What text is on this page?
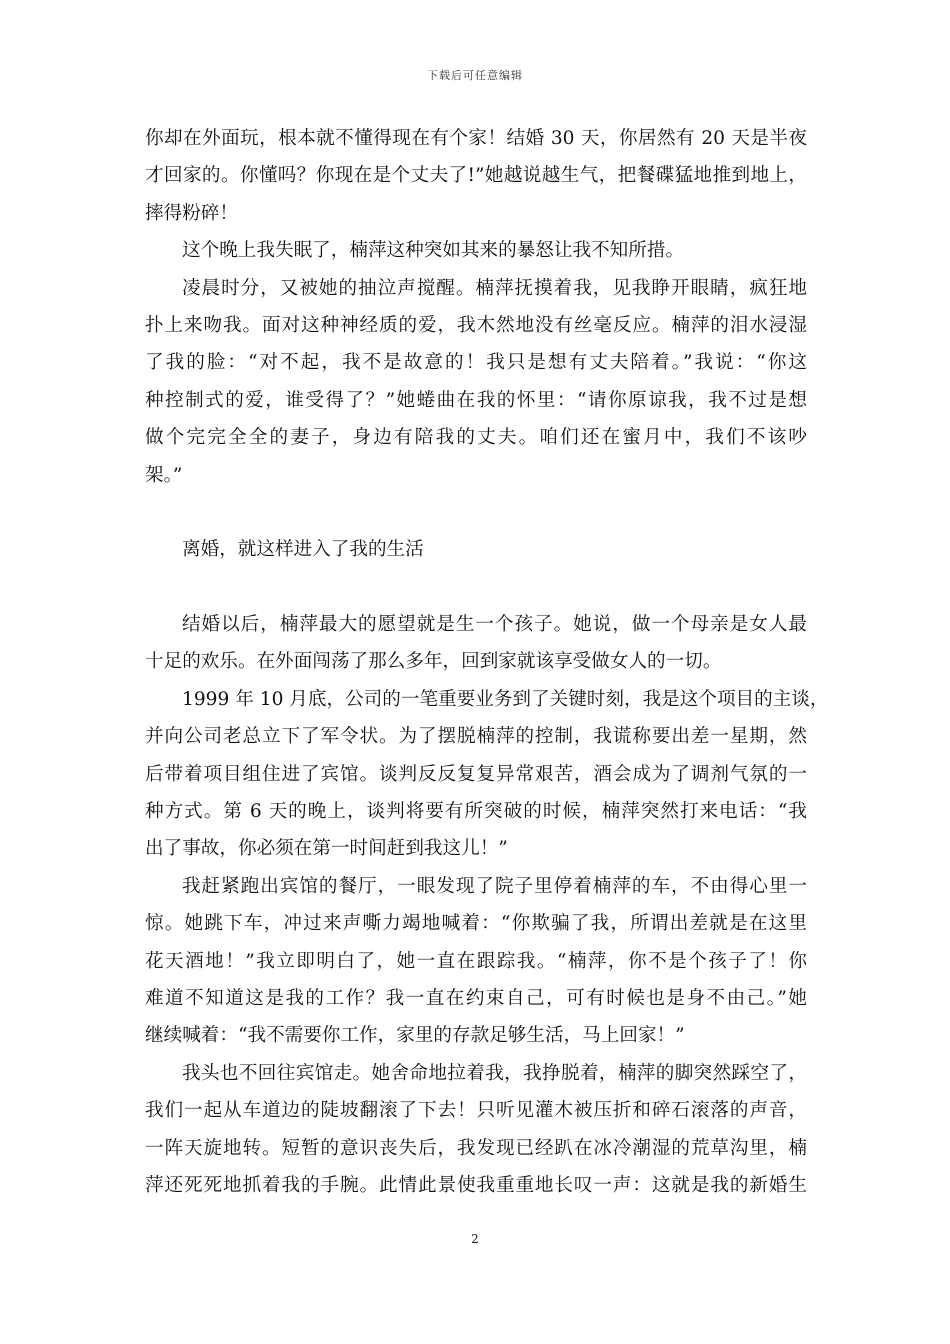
下载后可任意编辑
你却在外面玩，根本就不懂得现在有个家！结婚 30 天，你居然有 20 天是半夜
才回家的。你懂吗？你现在是个丈夫了!”她越说越生气，把餐碟猛地推到地上，
摔得粉碎！
这个晚上我失眠了，楠萍这种突如其来的暴怒让我不知所措。
凌晨时分，又被她的抽泣声搅醒。楠萍抚摸着我，见我睁开眼睛，疯狂地
扑上来吻我。面对这种神经质的爱，我木然地没有丝毫反应。楠萍的泪水浸湿
了我的脸：“对不起，我不是故意的！我只是想有丈夫陪着。”我说：“你这
种控制式的爱，谁受得了？”她蜷曲在我的怀里：“请你原谅我，我不过是想
做个完完全全的妻子，身边有陪我的丈夫。咱们还在蜜月中，我们不该吵
架。”
离婚，就这样进入了我的生活
结婚以后，楠萍最大的愿望就是生一个孩子。她说，做一个母亲是女人最
十足的欢乐。在外面闯荡了那么多年，回到家就该享受做女人的一切。
1999 年 10 月底，公司的一笔重要业务到了关键时刻，我是这个项目的主谈，
并向公司老总立下了军令状。为了摆脱楠萍的控制，我谎称要出差一星期，然
后带着项目组住进了宾馆。谈判反反复复异常艰苦，酒会成为了调剂气氛的一
种方式。第 6 天的晚上，谈判将要有所突破的时候，楠萍突然打来电话：“我
出了事故，你必须在第一时间赶到我这儿！”
我赶紧跑出宾馆的餐厅，一眼发现了院子里停着楠萍的车，不由得心里一
惊。她跳下车，冲过来声嘶力竭地喊着：“你欺骗了我，所谓出差就是在这里
花天酒地！”我立即明白了，她一直在跟踪我。“楠萍，你不是个孩子了！你
难道不知道这是我的工作？我一直在约束自己，可有时候也是身不由己。”她
继续喊着：“我不需要你工作，家里的存款足够生活，马上回家！”
我头也不回往宾馆走。她舍命地拉着我，我挣脱着，楠萍的脚突然踩空了，
我们一起从车道边的陡坡翻滚了下去！只听见灌木被压折和碎石滚落的声音，
一阵天旋地转。短暂的意识丧失后，我发现已经趴在冰冷潮湿的荒草沟里，楠
萍还死死地抓着我的手腕。此情此景使我重重地长叹一声：这就是我的新婚生
2
